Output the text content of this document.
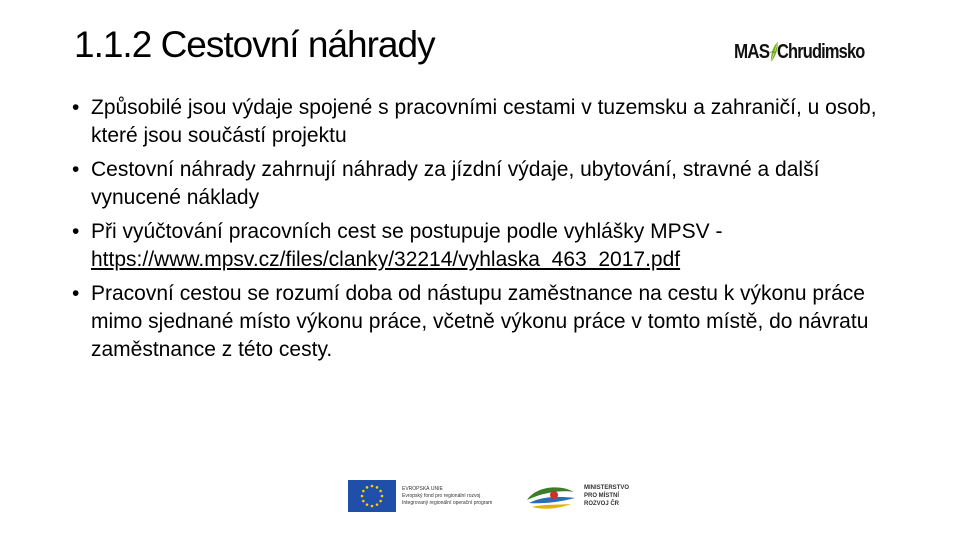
1.1.2 Cestovní náhrady	MAS Chrudimsko
• Způsobilé jsou výdaje spojené s pracovními cestami v tuzemsku a zahraničí, u osob, které jsou součástí projektu
• Cestovní náhrady zahrnují náhrady za jízdní výdaje, ubytování, stravné a další vynucené náklady
• Při vyúčtování pracovních cest se postupuje podle vyhlášky MPSV - https://www.mpsv.cz/files/clanky/32214/vyhlaska_463_2017.pdf
• Pracovní cestou se rozumí doba od nástupu zaměstnance na cestu k výkonu práce mimo sjednané místo výkonu práce, včetně výkonu práce v tomto místě, do návratu zaměstnance z této cesty.
EVROPSKÁ UNIE
Evropský fond pro regionální rozvoj
Integrovaný regionální operační program
MINISTERSTVO
PRO MÍSTNÍ
ROZVOJ ČR
